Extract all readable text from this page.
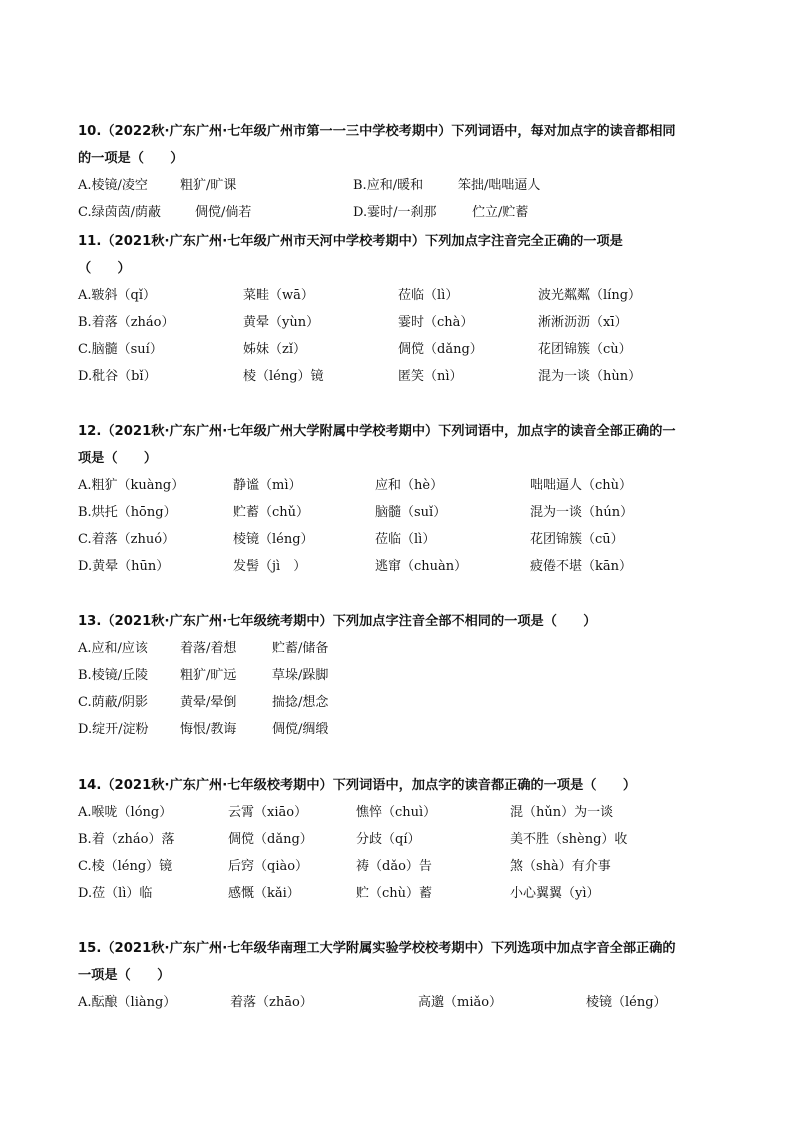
10.（2022秋·广东广州·七年级广州市第一一三中学校考期中）下列词语中，每对加点字的读音都相同
的一项是（　　）
A.棱镜/凌空 粗犷/旷课	B.应和/暖和	笨拙/咄咄逼人
C.绿茵茵/荫蔽	倜傥/倘若	D.霎时/一刹那	伫立/贮蓄
11.（2021秋·广东广州·七年级广州市天河中学校考期中）下列加点字注音完全正确的一项是
（　　）
A.皲斜（qǐ）	菜畦（wā）	莅临（lì）	波光粼粼（líng）
B.着落（zháo）	黄晕（yùn）	霎时（chà）	淅淅沥沥（xī）
C.脑髓（suí）	姊妹（zǐ）	倜傥（dǎng）	花团锦簇（cù）
D.秕谷（bǐ）	棱（léng）镜	匿笑（nì）	混为一谈（hùn）
12.（2021秋·广东广州·七年级广州大学附属中学校考期中）下列词语中，加点字的读音全部正确的一
项是（　　）
A.粗犷（kuàng）	静谧（mì）	应和（hè）	咄咄逼人（chù）
B.烘托（hōng）	贮蓄（chǔ）	脑髓（suǐ）	混为一谈（hún）
C.着落（zhuó）	棱镜（léng）	莅临（lì）	花团锦簇（cū）
D.黄晕（hūn）	发髻（jì　）	逃窜（chuàn）	疲倦不堪（kān）
13.（2021秋·广东广州·七年级统考期中）下列加点字注音全部不相同的一项是（　　）
A.应和/应该 着落/着想	贮蓄/储备
B.棱镜/丘陵 粗犷/旷远	草垛/跺脚
C.荫蔽/阴影 黄晕/晕倒	揣捻/想念
D.绽开/淀粉 悔恨/教诲	倜傥/绸缎
14.（2021秋·广东广州·七年级校考期中）下列词语中，加点字的读音都正确的一项是（　　）
A.喉咙（lóng）	云霄（xiāo）	憔悴（chuì）	混（hǔn）为一谈
B.着（zháo）落	倜傥（dǎng）	分歧（qí）	美不胜（shèng）收
C.棱（léng）镜	后窍（qiào）	祷（dǎo）告	煞（shà）有介事
D.莅（lì）临	感慨（kǎi）	贮（chù）蓄	小心翼翼（yì）
15.（2021秋·广东广州·七年级华南理工大学附属实验学校校考期中）下列选项中加点字音全部正确的
一项是（　　）
A.酝酿（liàng）	着落（zhāo）	高邈（miǎo）	棱镜（léng）
